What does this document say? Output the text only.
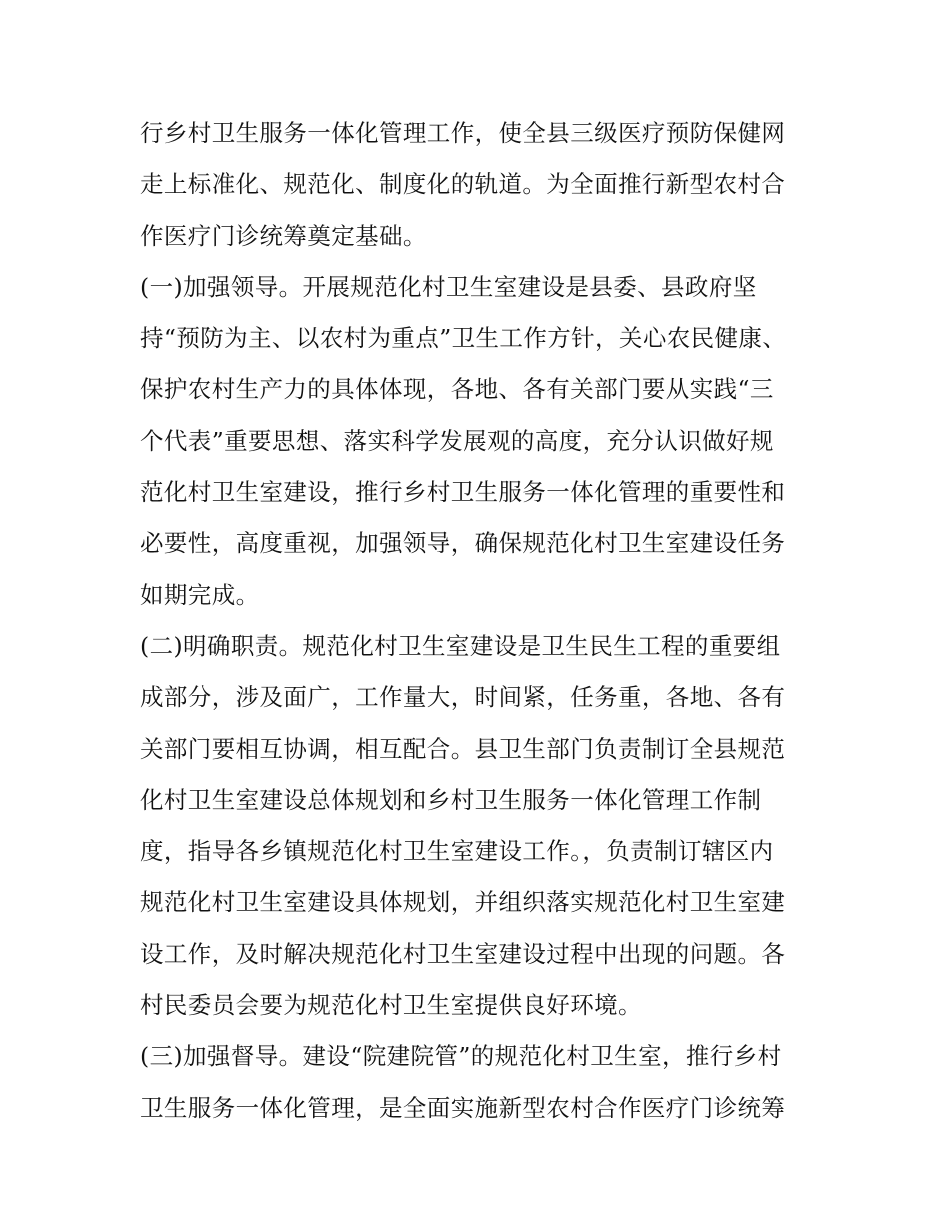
行乡村卫生服务一体化管理工作，使全县三级医疗预防保健网
走上标准化、规范化、制度化的轨道。为全面推行新型农村合
作医疗门诊统筹奠定基础。
(一)加强领导。开展规范化村卫生室建设是县委、县政府坚
持“预防为主、以农村为重点”卫生工作方针，关心农民健康、
保护农村生产力的具体体现，各地、各有关部门要从实践“三
个代表”重要思想、落实科学发展观的高度，充分认识做好规
范化村卫生室建设，推行乡村卫生服务一体化管理的重要性和
必要性，高度重视，加强领导，确保规范化村卫生室建设任务
如期完成。
(二)明确职责。规范化村卫生室建设是卫生民生工程的重要组
成部分，涉及面广，工作量大，时间紧，任务重，各地、各有
关部门要相互协调，相互配合。县卫生部门负责制订全县规范
化村卫生室建设总体规划和乡村卫生服务一体化管理工作制
度，指导各乡镇规范化村卫生室建设工作。，负责制订辖区内
规范化村卫生室建设具体规划，并组织落实规范化村卫生室建
设工作，及时解决规范化村卫生室建设过程中出现的问题。各
村民委员会要为规范化村卫生室提供良好环境。
(三)加强督导。建设“院建院管”的规范化村卫生室，推行乡村
卫生服务一体化管理，是全面实施新型农村合作医疗门诊统筹
